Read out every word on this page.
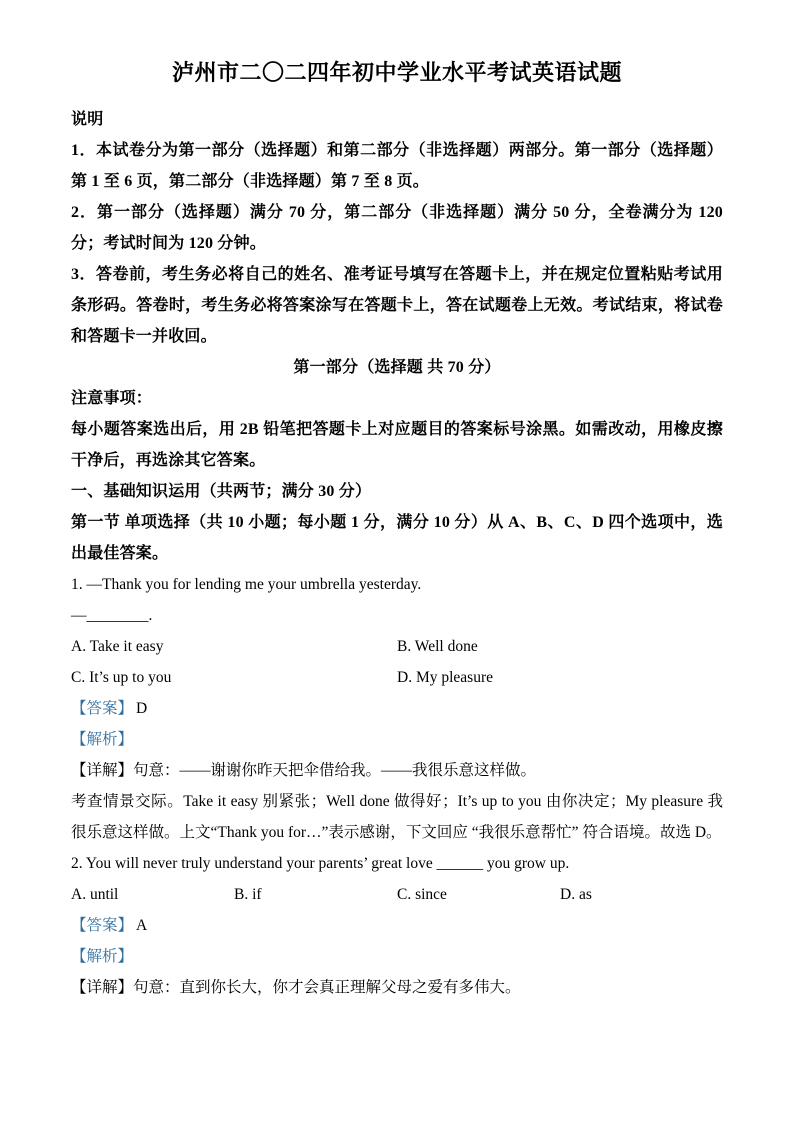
泸州市二〇二四年初中学业水平考试英语试题

说明

1．本试卷分为第一部分（选择题）和第二部分（非选择题）两部分。第一部分（选择题）第 1 至 6 页，第二部分（非选择题）第 7 至 8 页。

2．第一部分（选择题）满分 70 分，第二部分（非选择题）满分 50 分，全卷满分为 120 分；考试时间为 120 分钟。

3．答卷前，考生务必将自己的姓名、准考证号填写在答题卡上，并在规定位置粘贴考试用条形码。答卷时，考生务必将答案涂写在答题卡上，答在试题卷上无效。考试结束，将试卷和答题卡一并收回。

第一部分（选择题 共 70 分）

注意事项：

每小题答案选出后，用 2B 铅笔把答题卡上对应题目的答案标号涂黑。如需改动，用橡皮擦干净后，再选涂其它答案。

一、基础知识运用（共两节；满分 30 分）

第一节 单项选择（共 10 小题；每小题 1 分，满分 10 分）从 A、B、C、D 四个选项中，选出最佳答案。

1. —Thank you for lending me your umbrella yesterday.

—________.

A. Take it easy	B. Well done
C. It’s up to you	D. My pleasure

【答案】 D

【解析】

【详解】句意：——谢谢你昨天把伞借给我。——我很乐意这样做。

考查情景交际。Take it easy 别紧张；Well done 做得好；It’s up to you 由你决定；My pleasure 我很乐意这样做。上文“Thank you for…”表示感谢，下文回应 “我很乐意帮忙” 符合语境。故选 D。

2. You will never truly understand your parents’ great love ______ you grow up.

A. until	B. if	C. since	D. as

【答案】 A

【解析】

【详解】句意：直到你长大，你才会真正理解父母之爱有多伟大。
